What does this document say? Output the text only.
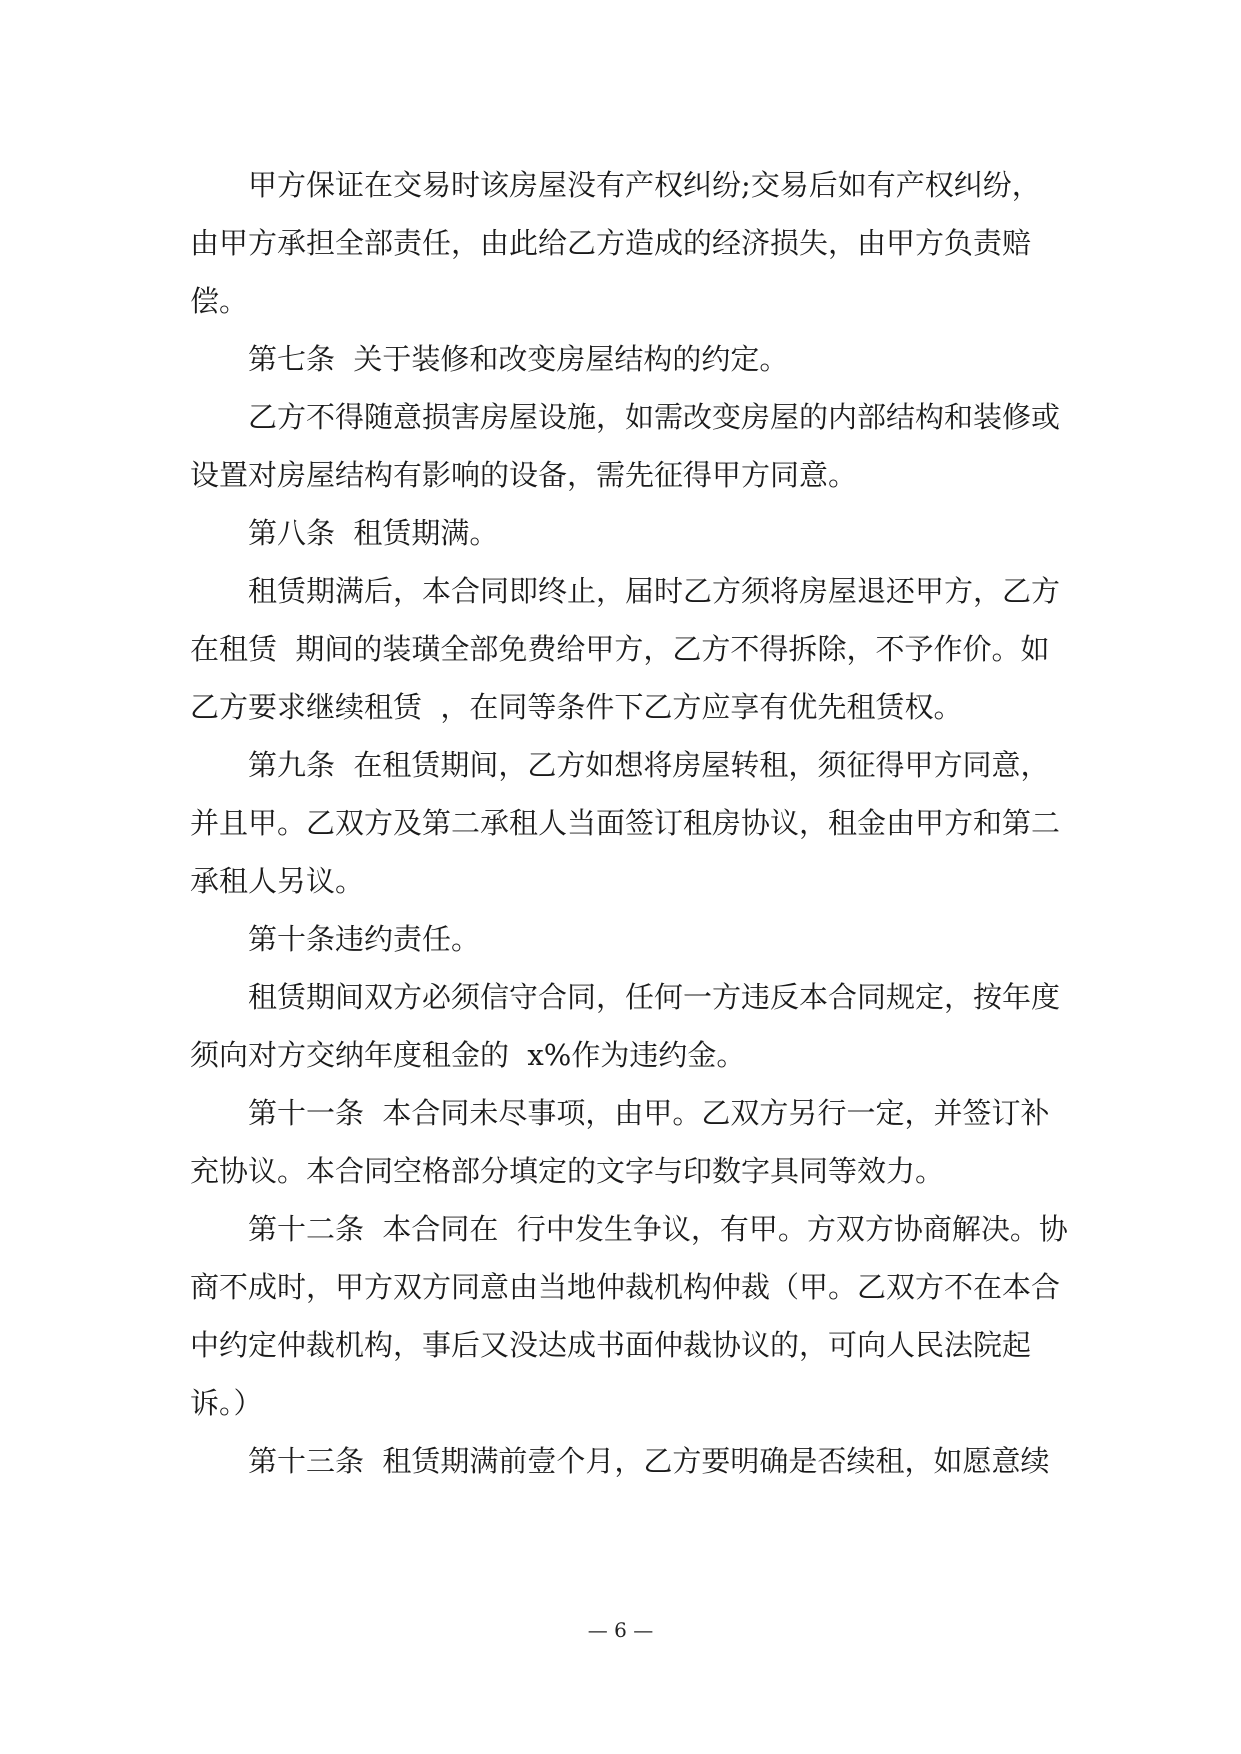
　　甲方保证在交易时该房屋没有产权纠纷;交易后如有产权纠纷，
由甲方承担全部责任，由此给乙方造成的经济损失，由甲方负责赔偿。
　　第七条  关于装修和改变房屋结构的约定。
　　乙方不得随意损害房屋设施，如需改变房屋的内部结构和装修或
设置对房屋结构有影响的设备，需先征得甲方同意。
　　第八条  租赁期满。
　　租赁期满后，本合同即终止，届时乙方须将房屋退还甲方，乙方
在租赁  期间的装璜全部免费给甲方，乙方不得拆除，不予作价。如
乙方要求继续租赁  ，在同等条件下乙方应享有优先租赁权。
　　第九条  在租赁期间，乙方如想将房屋转租，须征得甲方同意，
并且甲。乙双方及第二承租人当面签订租房协议，租金由甲方和第二
承租人另议。
　　第十条违约责任。
　　租赁期间双方必须信守合同，任何一方违反本合同规定，按年度
须向对方交纳年度租金的  x%作为违约金。
　　第十一条  本合同未尽事项，由甲。乙双方另行一定，并签订补
充协议。本合同空格部分填定的文字与印数字具同等效力。
　　第十二条  本合同在  行中发生争议，有甲。方双方协商解决。协
商不成时，甲方双方同意由当地仲裁机构仲裁（甲。乙双方不在本合
中约定仲裁机构，事后又没达成书面仲裁协议的，可向人民法院起
诉。）
　　第十三条  租赁期满前壹个月，乙方要明确是否续租，如愿意续
— 6 —
